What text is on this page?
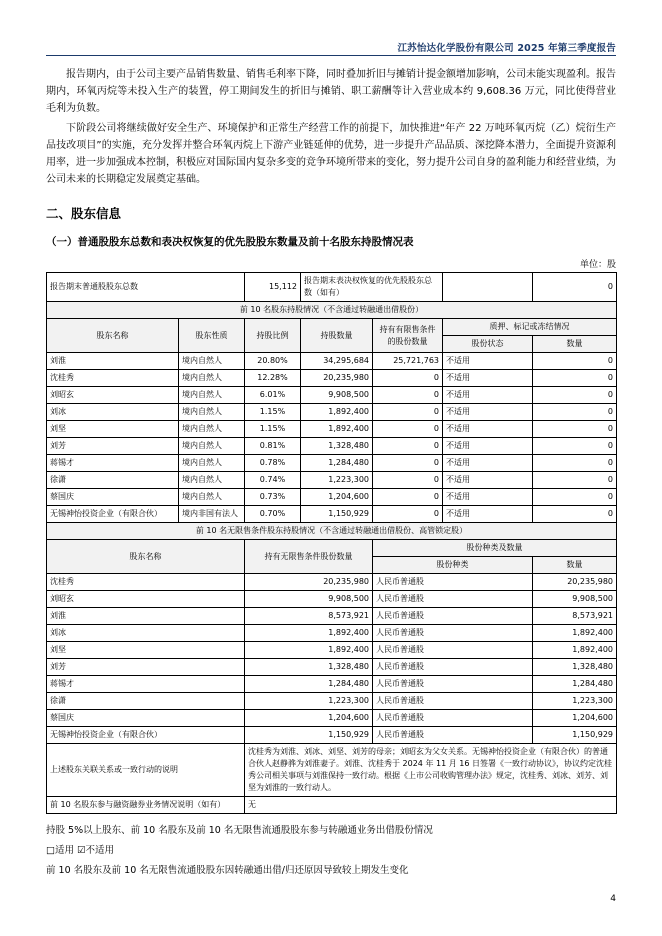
江苏怡达化学股份有限公司 2025 年第三季度报告

报告期内，由于公司主要产品销售数量、销售毛利率下降，同时叠加折旧与摊销计提金额增加影响，公司未能实现盈利。报告期内，环氧丙烷等未投入生产的装置，停工期间发生的折旧与摊销、职工薪酬等计入营业成本约 9,608.36 万元，同比使得营业毛利为负数。

下阶段公司将继续做好安全生产、环境保护和正常生产经营工作的前提下，加快推进“年产 22 万吨环氧丙烷（乙）烷衍生产品技改项目”的实施，充分发挥并整合环氧丙烷上下游产业链延伸的优势，进一步提升产品品质、深挖降本潜力，全面提升资源利用率，进一步加强成本控制，积极应对国际国内复杂多变的竞争环境所带来的变化，努力提升公司自身的盈利能力和经营业绩，为公司未来的长期稳定发展奠定基础。

二、股东信息
（一）普通股股东总数和表决权恢复的优先股股东数量及前十名股东持股情况表
单位：股
报告期末普通股股东总数		15,112	报告期末表决权恢复的优先股股东总数（如有）			0
前 10 名股东持股情况（不含通过转融通出借股份）						
股东名称	股东性质	持股比例	持股数量	持有有限售条件的股份数量	质押、标记或冻结情况	
					股份状态	数量
刘淮	境内自然人	20.80%	34,295,684	25,721,763	不适用	0
沈桂秀	境内自然人	12.28%	20,235,980	0	不适用	0
刘昭玄	境内自然人	6.01%	9,908,500	0	不适用	0
刘冰	境内自然人	1.15%	1,892,400	0	不适用	0
刘坚	境内自然人	1.15%	1,892,400	0	不适用	0
刘芳	境内自然人	0.81%	1,328,480	0	不适用	0
蒋锡才	境内自然人	0.78%	1,284,480	0	不适用	0
徐潇	境内自然人	0.74%	1,223,300	0	不适用	0
蔡国庆	境内自然人	0.73%	1,204,600	0	不适用	0
无锡神怡投资企业（有限合伙）	境内非国有法人	0.70%	1,150,929	0	不适用	0
前 10 名无限售条件股东持股情况（不含通过转融通出借股份、高管锁定股）						
股东名称		持有无限售条件股份数量		股份种类及数量		
				股份种类		数量
沈桂秀		20,235,980		人民币普通股		20,235,980
刘昭玄		9,908,500		人民币普通股		9,908,500
刘淮		8,573,921		人民币普通股		8,573,921
刘冰		1,892,400		人民币普通股		1,892,400
刘坚		1,892,400		人民币普通股		1,892,400
刘芳		1,328,480		人民币普通股		1,328,480
蒋锡才		1,284,480		人民币普通股		1,284,480
徐潇		1,223,300		人民币普通股		1,223,300
蔡国庆		1,204,600		人民币普通股		1,204,600
无锡神怡投资企业（有限合伙）		1,150,929		人民币普通股		1,150,929
上述股东关联关系或一致行动的说明		沈桂秀为刘淮、刘冰、刘坚、刘芳的母亲；刘昭玄为父女关系。无锡神怡投资企业（有限合伙）的普通合伙人赵静骅为刘淮妻子。刘淮、沈桂秀于 2024 年 11 月 16 日签署《一致行动协议》，协议约定沈桂秀公司相关事项与刘淮保持一致行动。根据《上市公司收购管理办法》规定，沈桂秀、刘冰、刘芳、刘坚为刘淮的一致行动人。				
前 10 名股东参与融资融券业务情况说明（如有）		无				

持股 5%以上股东、前 10 名股东及前 10 名无限售流通股股东参与转融通业务出借股份情况

□适用 ☑不适用

前 10 名股东及前 10 名无限售流通股股东因转融通出借/归还原因导致较上期发生变化

4
